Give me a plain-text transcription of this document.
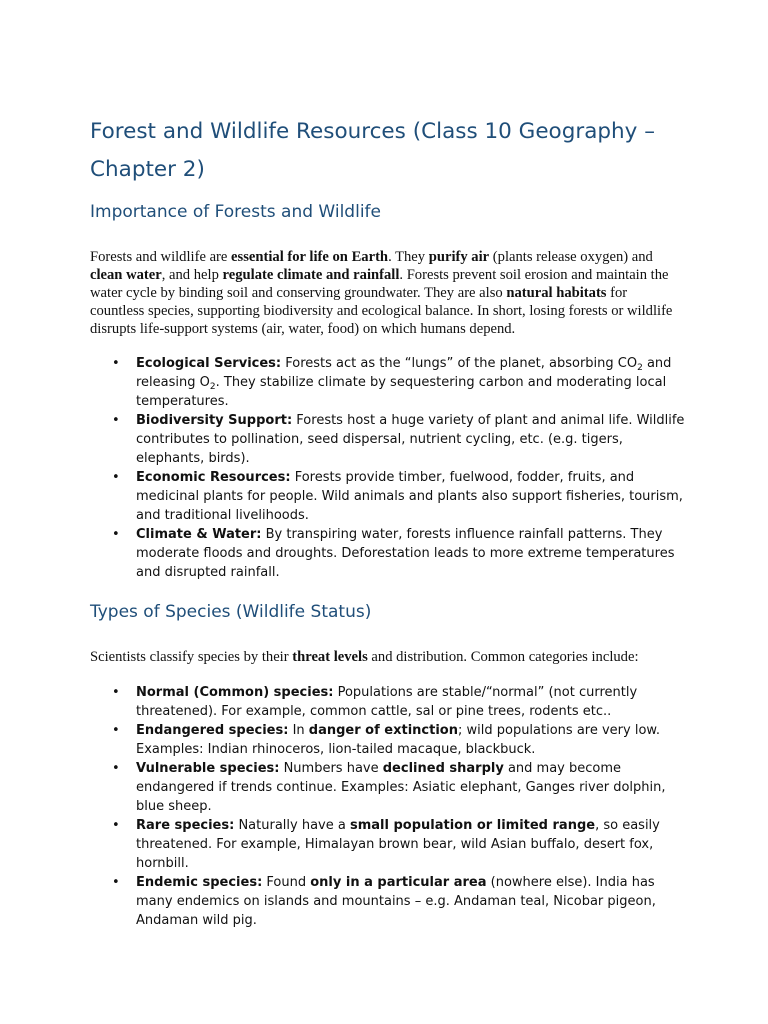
Forest and Wildlife Resources (Class 10 Geography – Chapter 2)
Importance of Forests and Wildlife

Forests and wildlife are essential for life on Earth. They purify air (plants release oxygen) and clean water, and help regulate climate and rainfall. Forests prevent soil erosion and maintain the water cycle by binding soil and conserving groundwater. They are also natural habitats for countless species, supporting biodiversity and ecological balance. In short, losing forests or wildlife disrupts life-support systems (air, water, food) on which humans depend.

• Ecological Services: Forests act as the “lungs” of the planet, absorbing $CO_2$ and releasing $O_2$. They stabilize climate by sequestering carbon and moderating local temperatures.
• Biodiversity Support: Forests host a huge variety of plant and animal life. Wildlife contributes to pollination, seed dispersal, nutrient cycling, etc. (e.g. tigers, elephants, birds).
• Economic Resources: Forests provide timber, fuelwood, fodder, fruits, and medicinal plants for people. Wild animals and plants also support fisheries, tourism, and traditional livelihoods.
• Climate & Water: By transpiring water, forests influence rainfall patterns. They moderate floods and droughts. Deforestation leads to more extreme temperatures and disrupted rainfall.
Types of Species (Wildlife Status)

Scientists classify species by their threat levels and distribution. Common categories include:

• Normal (Common) species: Populations are stable/“normal” (not currently threatened). For example, common cattle, sal or pine trees, rodents etc..
• Endangered species: In danger of extinction; wild populations are very low. Examples: Indian rhinoceros, lion-tailed macaque, blackbuck.
• Vulnerable species: Numbers have declined sharply and may become endangered if trends continue. Examples: Asiatic elephant, Ganges river dolphin, blue sheep.
• Rare species: Naturally have a small population or limited range, so easily threatened. For example, Himalayan brown bear, wild Asian buffalo, desert fox, hornbill.
• Endemic species: Found only in a particular area (nowhere else). India has many endemics on islands and mountains – e.g. Andaman teal, Nicobar pigeon, Andaman wild pig.
